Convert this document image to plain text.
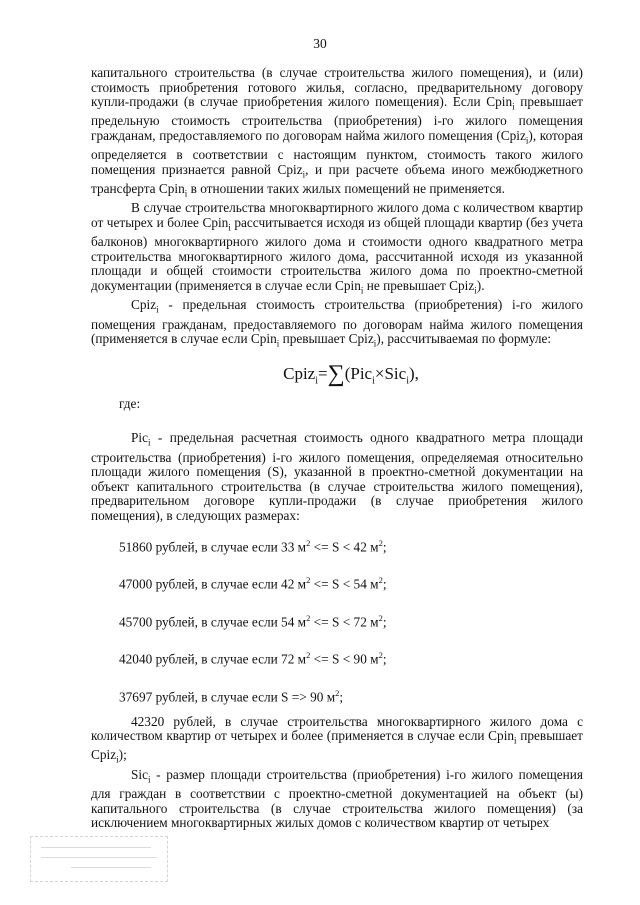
30

капитального строительства (в случае строительства жилого помещения), и (или) стоимость приобретения готового жилья, согласно, предварительному договору купли-продажи (в случае приобретения жилого помещения). Если Cpin$_i$ превышает предельную стоимость строительства (приобретения) i-го жилого помещения гражданам, предоставляемого по договорам найма жилого помещения (Cpiz$_i$), которая определяется в соответствии с настоящим пунктом, стоимость такого жилого помещения признается равной Cpiz$_i$, и при расчете объема иного межбюджетного трансферта Cpin$_i$ в отношении таких жилых помещений не применяется.

В случае строительства многоквартирного жилого дома с количеством квартир от четырех и более Cpin$_i$ рассчитывается исходя из общей площади квартир (без учета балконов) многоквартирного жилого дома и стоимости одного квадратного метра строительства многоквартирного жилого дома, рассчитанной исходя из указанной площади и общей стоимости строительства жилого дома по проектно-сметной документации (применяется в случае если Cpin$_i$ не превышает Cpiz$_i$).

Cpiz$_i$ - предельная стоимость строительства (приобретения) i-го жилого помещения гражданам, предоставляемого по договорам найма жилого помещения (применяется в случае если Cpin$_i$ превышает Cpiz$_i$), рассчитываемая по формуле:

Cpiz$_i$=∑(Pic$_i$×Sic$_i$),

где:

Pic$_i$ - предельная расчетная стоимость одного квадратного метра площади строительства (приобретения) i-го жилого помещения, определяемая относительно площади жилого помещения (S), указанной в проектно-сметной документации на объект капитального строительства (в случае строительства жилого помещения), предварительном договоре купли-продажи (в случае приобретения жилого помещения), в следующих размерах:

51860 рублей, в случае если 33 $м^2 <= S < 42$ $м^2$;
47000 рублей, в случае если 42 $м^2 <= S < 54$ $м^2$;
45700 рублей, в случае если 54 $м^2 <= S < 72$ $м^2$;
42040 рублей, в случае если 72 $м^2 <= S < 90$ $м^2$;
37697 рублей, в случае если S => 90 $м^2$;

42320 рублей, в случае строительства многоквартирного жилого дома с количеством квартир от четырех и более (применяется в случае если Cpin$_i$ превышает Cpiz$_i$);

Sic$_i$ - размер площади строительства (приобретения) i-го жилого помещения для граждан в соответствии с проектно-сметной документацией на объект (ы) капитального строительства (в случае строительства жилого помещения) (за исключением многоквартирных жилых домов с количеством квартир от четырех
